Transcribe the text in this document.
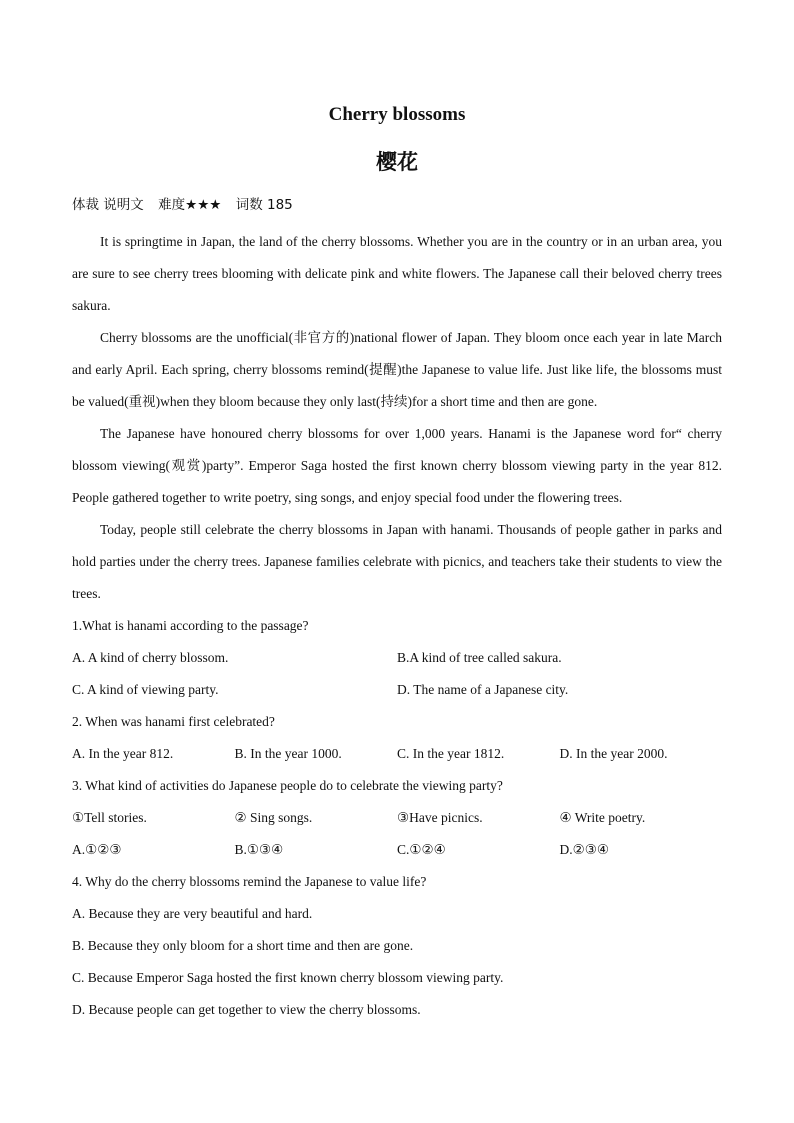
Cherry blossoms
樱花
体裁 说明文 难度★★★ 词数 185

It is springtime in Japan, the land of the cherry blossoms. Whether you are in the country or in an urban area, you are sure to see cherry trees blooming with delicate pink and white flowers. The Japanese call their beloved cherry trees sakura.

Cherry blossoms are the unofficial(非官方的)national flower of Japan. They bloom once each year in late March and early April. Each spring, cherry blossoms remind(提醒)the Japanese to value life. Just like life, the blossoms must be valued(重视)when they bloom because they only last(持续)for a short time and then are gone.

The Japanese have honoured cherry blossoms for over 1,000 years. Hanami is the Japanese word for“ cherry blossom viewing(观赏)party”. Emperor Saga hosted the first known cherry blossom viewing party in the year 812. People gathered together to write poetry, sing songs, and enjoy special food under the flowering trees.

Today, people still celebrate the cherry blossoms in Japan with hanami. Thousands of people gather in parks and hold parties under the cherry trees. Japanese families celebrate with picnics, and teachers take their students to view the trees.

1.What is hanami according to the passage?

A. A kind of cherry blossom.	B.A kind of tree called sakura.
C. A kind of viewing party.	D. The name of a Japanese city.

2. When was hanami first celebrated?

A. In the year 812.	B. In the year 1000.	C. In the year 1812.	D. In the year 2000.

3. What kind of activities do Japanese people do to celebrate the viewing party?

①Tell stories.	② Sing songs.	③Have picnics.	④ Write poetry.
A.①②③	B.①③④	C.①②④	D.②③④

4. Why do the cherry blossoms remind the Japanese to value life?

A. Because they are very beautiful and hard.

B. Because they only bloom for a short time and then are gone.

C. Because Emperor Saga hosted the first known cherry blossom viewing party.

D. Because people can get together to view the cherry blossoms.
